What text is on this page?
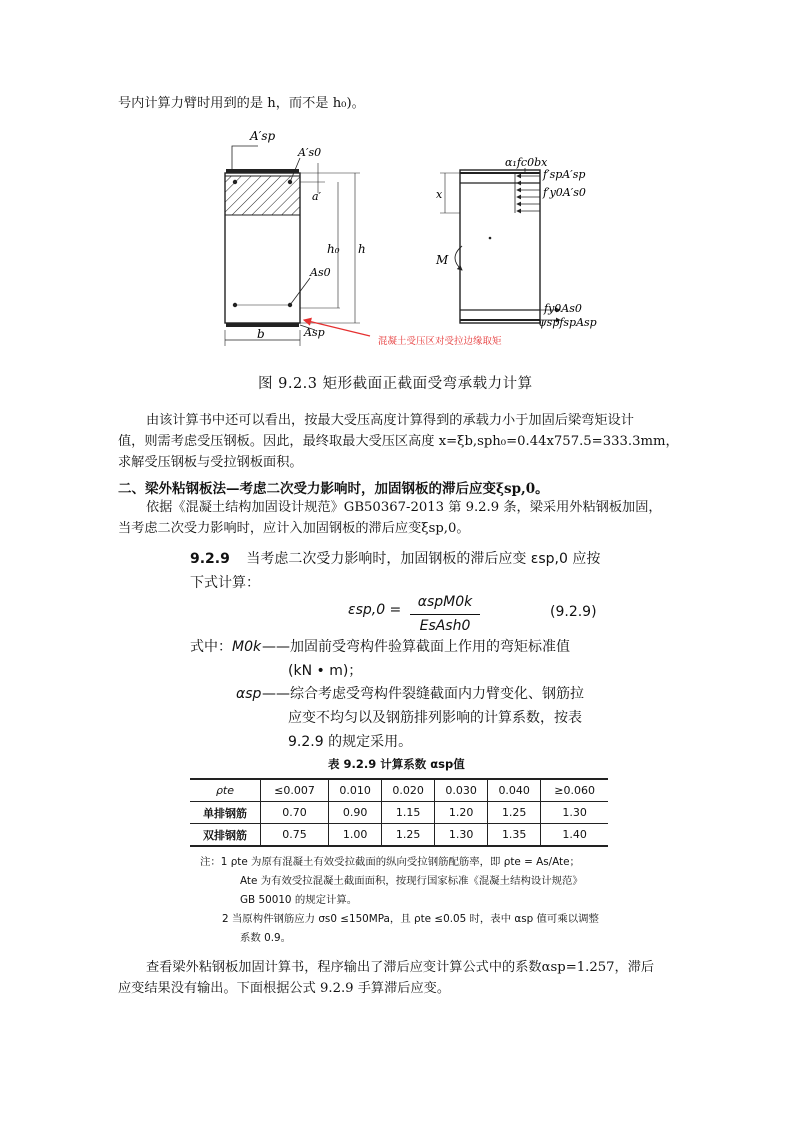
号内计算力臂时用到的是 h，而不是 h₀)。
A′sp
A′s0
a′
h₀ h
As0
Asp
b
α₁fc0bx
f′spA′sp
f′y0A′s0
x
M
fy0As0
ψspfspAsp
混凝土受压区对受拉边缘取矩
图 9.2.3 矩形截面正截面受弯承载力计算
由该计算书中还可以看出，按最大受压高度计算得到的承载力小于加固后梁弯矩设计
值，则需考虑受压钢板。因此，最终取最大受压区高度 x=ξb,sph₀=0.44x757.5=333.3mm，
求解受压钢板与受拉钢板面积。
二、梁外粘钢板法—考虑二次受力影响时，加固钢板的滞后应变ξsp,0。
依据《混凝土结构加固设计规范》GB50367-2013 第 9.2.9 条，梁采用外粘钢板加固，
当考虑二次受力影响时，应计入加固钢板的滞后应变ξsp,0。
9.2.9 当考虑二次受力影响时，加固钢板的滞后应变 εsp,0 应按
下式计算：
εsp,0 =	αspM0k
EsAsh0
(9.2.9)
式中： M0k ——加固前受弯构件验算截面上作用的弯矩标准值
(kN • m)；
αsp ——综合考虑受弯构件裂缝截面内力臂变化、钢筋拉
应变不均匀以及钢筋排列影响的计算系数，按表
9.2.9 的规定采用。
表 9.2.9 计算系数 αsp值
ρte	≤0.007	0.010	0.020	0.030	0.040	≥0.060
单排钢筋	0.70	0.90	1.15	1.20	1.25	1.30
双排钢筋	0.75	1.00	1.25	1.30	1.35	1.40
注：1 ρte 为原有混凝土有效受拉截面的纵向受拉钢筋配筋率，即 ρte = As/Ate；
Ate 为有效受拉混凝土截面面积，按现行国家标准《混凝土结构设计规范》
GB 50010 的规定计算。
2 当原构件钢筋应力 σs0 ≤150MPa，且 ρte ≤0.05 时，表中 αsp 值可乘以调整
系数 0.9。
查看梁外粘钢板加固计算书，程序输出了滞后应变计算公式中的系数αsp=1.257，滞后
应变结果没有输出。下面根据公式 9.2.9 手算滞后应变。
